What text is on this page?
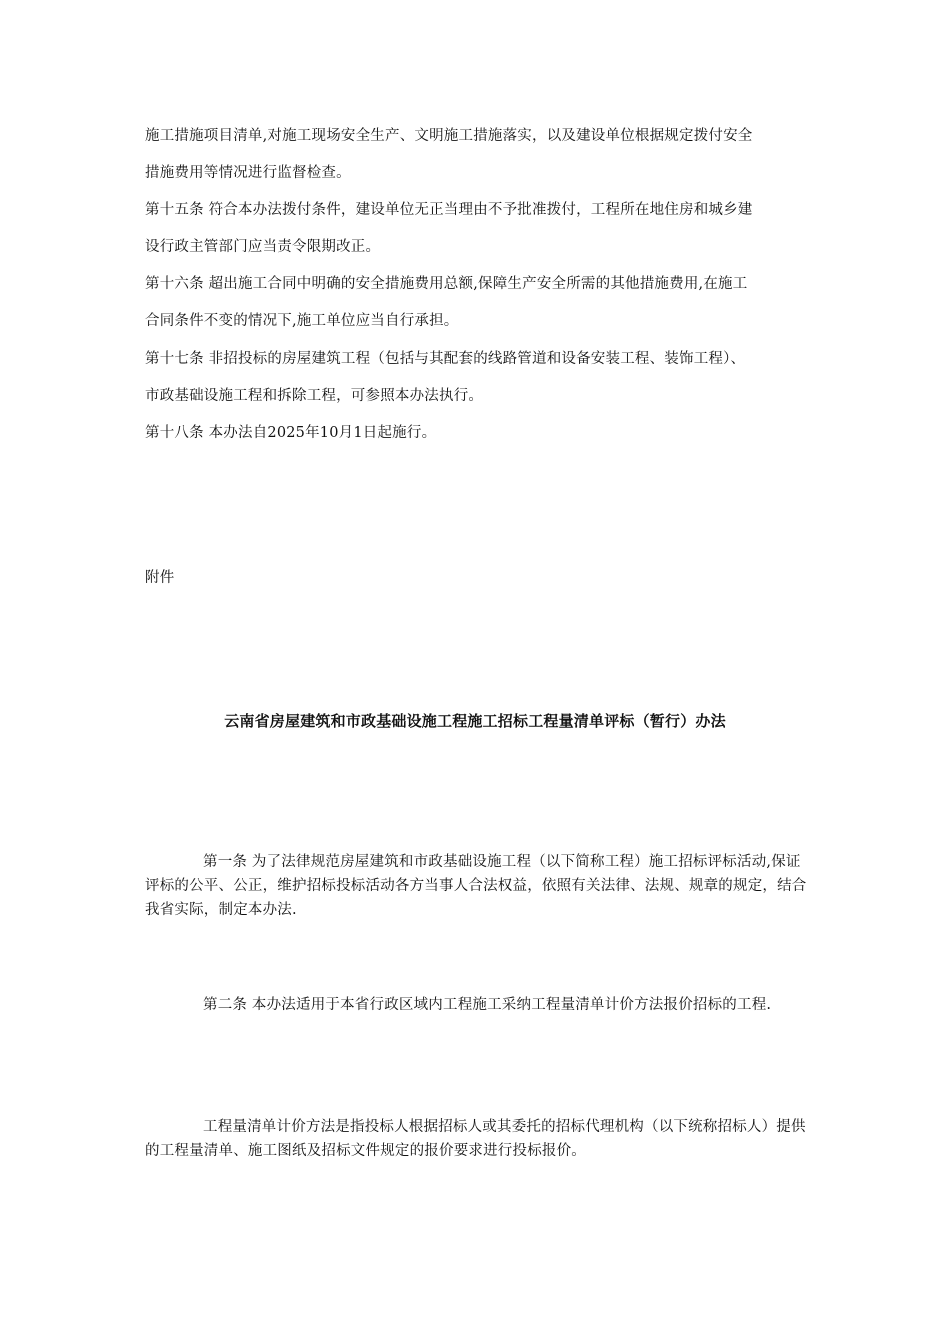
施工措施项目清单,对施工现场安全生产、文明施工措施落实，以及建设单位根据规定拨付安全
措施费用等情况进行监督检查。
第十五条 符合本办法拨付条件，建设单位无正当理由不予批准拨付，工程所在地住房和城乡建
设行政主管部门应当责令限期改正。
第十六条 超出施工合同中明确的安全措施费用总额,保障生产安全所需的其他措施费用,在施工
合同条件不变的情况下,施工单位应当自行承担。
第十七条 非招投标的房屋建筑工程（包括与其配套的线路管道和设备安装工程、装饰工程）、
市政基础设施工程和拆除工程，可参照本办法执行。
第十八条 本办法自2025年10月1日起施行。
附件
云南省房屋建筑和市政基础设施工程施工招标工程量清单评标（暂行）办法
第一条 为了法律规范房屋建筑和市政基础设施工程（以下简称工程）施工招标评标活动,保证评标的公平、公正，维护招标投标活动各方当事人合法权益，依照有关法律、法规、规章的规定，结合我省实际，制定本办法.
第二条 本办法适用于本省行政区域内工程施工采纳工程量清单计价方法报价招标的工程.
工程量清单计价方法是指投标人根据招标人或其委托的招标代理机构（以下统称招标人）提供的工程量清单、施工图纸及招标文件规定的报价要求进行投标报价。
